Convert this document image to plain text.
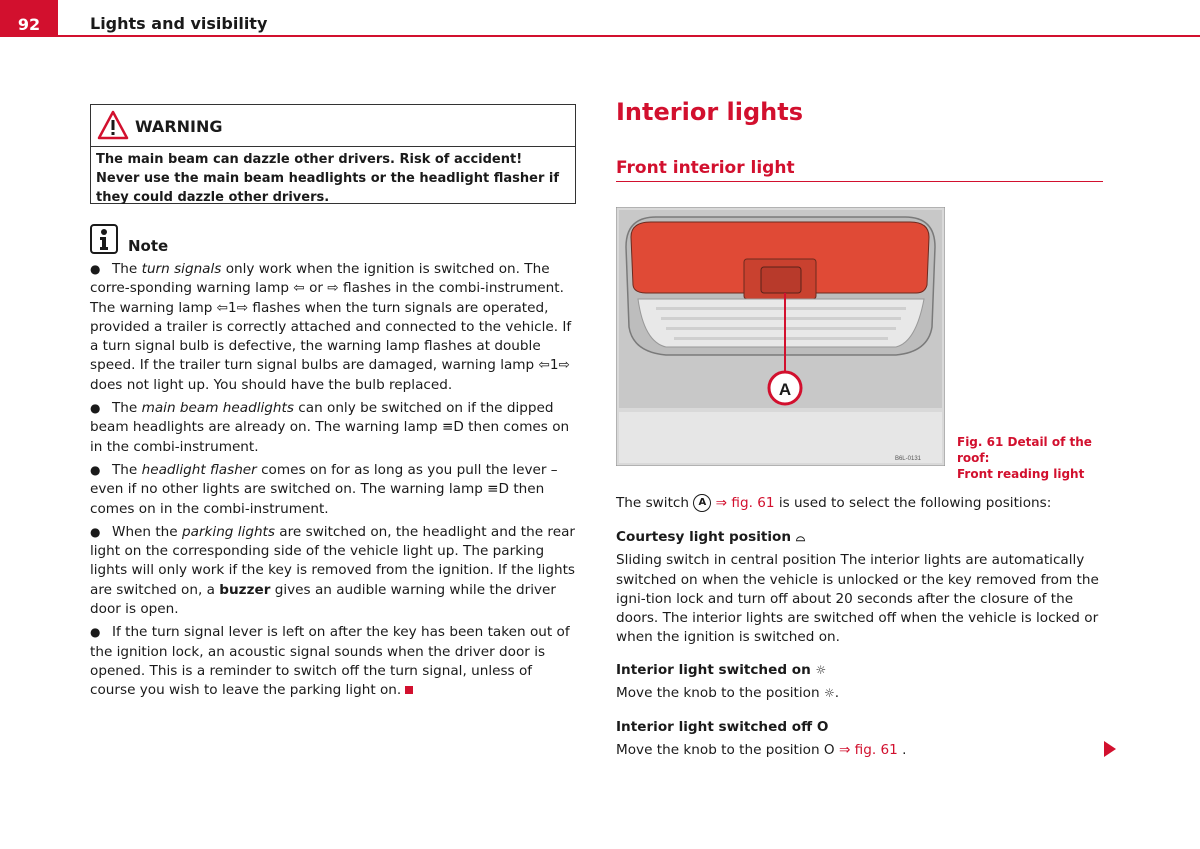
92	Lights and visibility
WARNING
The main beam can dazzle other drivers. Risk of accident! Never use the main beam headlights or the headlight flasher if they could dazzle other drivers.
Note

● The turn signals only work when the ignition is switched on. The corre-sponding warning lamp ⇦ or ⇨ flashes in the combi-instrument. The warning lamp ⇦1⇨ flashes when the turn signals are operated, provided a trailer is correctly attached and connected to the vehicle. If a turn signal bulb is defective, the warning lamp flashes at double speed. If the trailer turn signal bulbs are damaged, warning lamp ⇦1⇨ does not light up. You should have the bulb replaced.

● The main beam headlights can only be switched on if the dipped beam headlights are already on. The warning lamp ≡D then comes on in the combi-instrument.

● The headlight flasher comes on for as long as you pull the lever – even if no other lights are switched on. The warning lamp ≡D then comes on in the combi-instrument.

● When the parking lights are switched on, the headlight and the rear light on the corresponding side of the vehicle light up. The parking lights will only work if the key is removed from the ignition. If the lights are switched on, a buzzer gives an audible warning while the driver door is open.

● If the turn signal lever is left on after the key has been taken out of the ignition lock, an acoustic signal sounds when the driver door is opened. This is a reminder to switch off the turn signal, unless of course you wish to leave the parking light on.

Interior lights
Front interior light
A
B6L-0131
Fig. 61 Detail of the roof:
Front reading light

The switch A ⇒ fig. 61 is used to select the following positions:

Courtesy light position ⌓

Sliding switch in central position The interior lights are automatically switched on when the vehicle is unlocked or the key removed from the igni-tion lock and turn off about 20 seconds after the closure of the doors. The interior lights are switched off when the vehicle is locked or when the ignition is switched on.

Interior light switched on ☼

Move the knob to the position ☼.

Interior light switched off O

Move the knob to the position O ⇒ fig. 61 .
